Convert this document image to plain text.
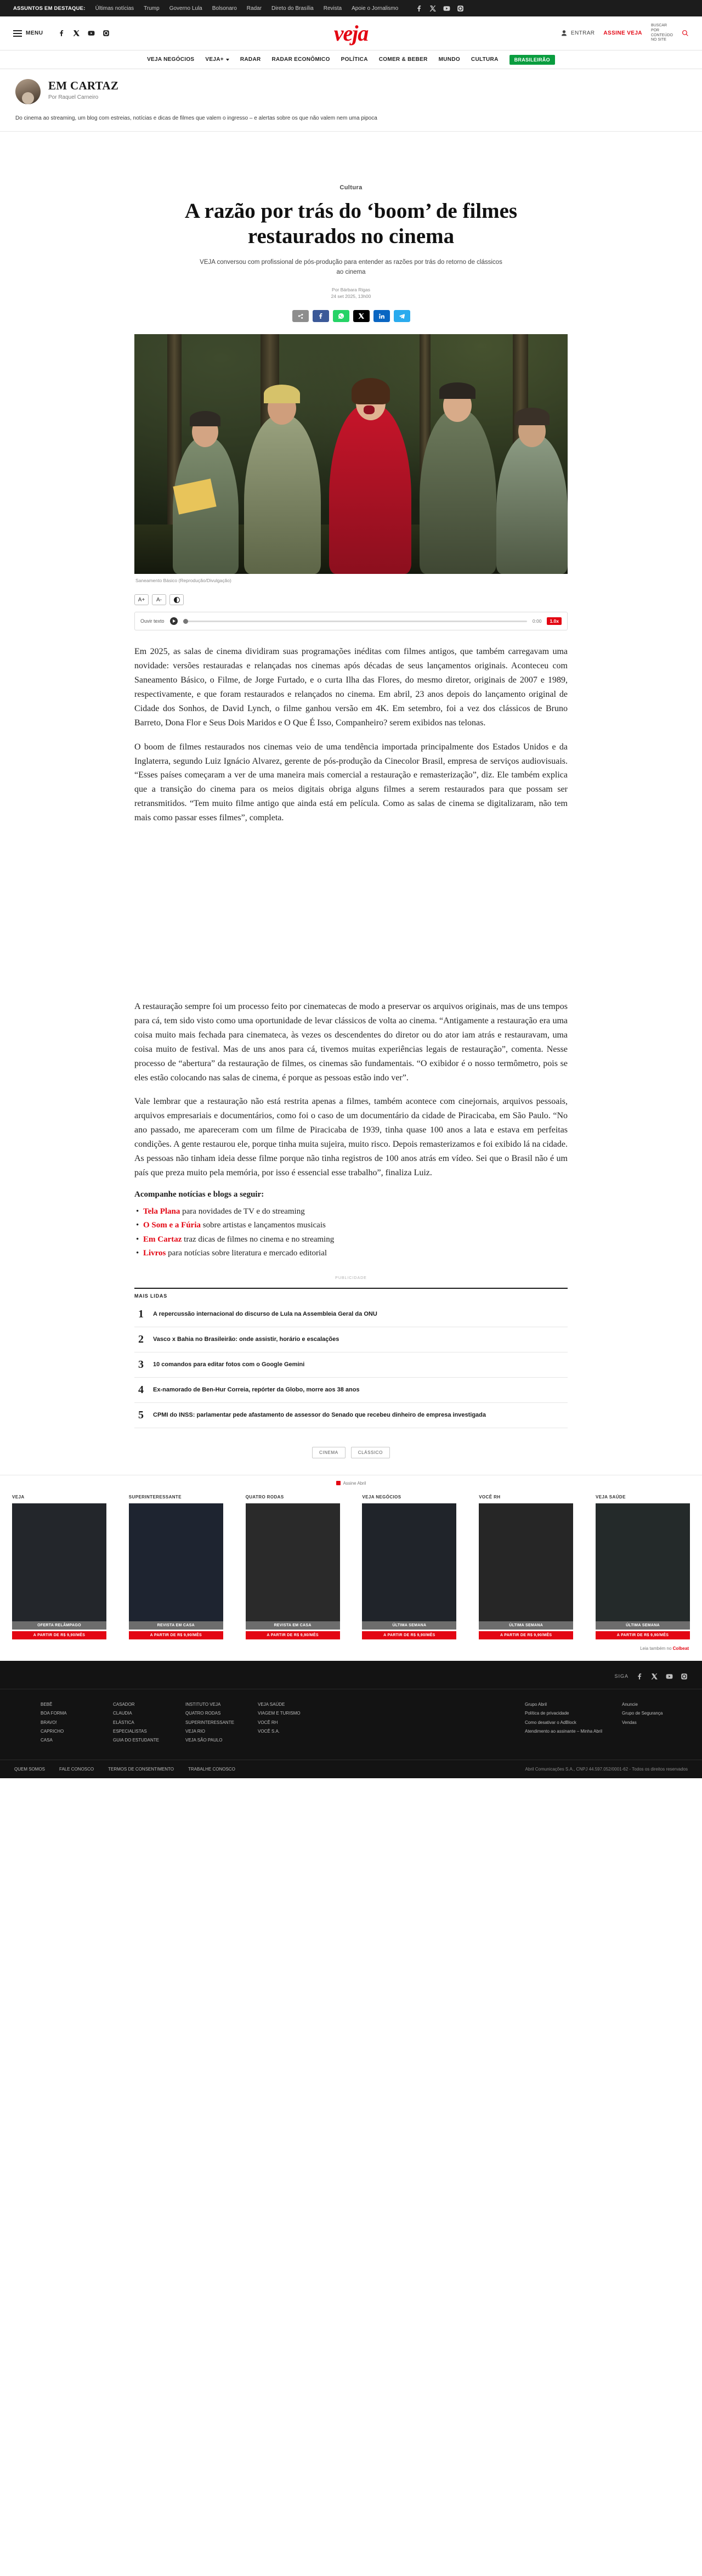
ASSUNTOS EM DESTAQUE: Últimas notícias Trump Governo Lula Bolsonaro Radar Direto do Brasília Revista Apoie o Jornalismo
MENU	veja	ENTRAR ASSINE VEJA
BUSCAR
POR
CONTEÚDO
NO SITE
VEJA NEGÓCIOS VEJA+	RADAR RADAR ECONÔMICO POLÍTICA COMER & BEBER MUNDO CULTURA	BRASILEIRÃO
EM CARTAZ
Por Raquel Carneiro
Do cinema ao streaming, um blog com estreias, notícias e dicas de filmes que valem o ingresso – e alertas sobre os que não valem nem uma pipoca
Cultura
A razão por trás do ‘boom’ de filmes restaurados no cinema
VEJA conversou com profissional de pós-produção para entender as razões por trás do retorno de clássicos ao cinema
Por Bárbara Rigas
24 set 2025, 13h00
Saneamento Básico (Reprodução/Divulgação)
A+	A-
Ouvir texto	0:00	1.0x

Em 2025, as salas de cinema dividiram suas programações inéditas com filmes antigos, que também carregavam uma novidade: versões restauradas e relançadas nos cinemas após décadas de seus lançamentos originais. Aconteceu com Saneamento Básico, o Filme, de Jorge Furtado, e o curta Ilha das Flores, do mesmo diretor, originais de 2007 e 1989, respectivamente, e que foram restaurados e relançados no cinema. Em abril, 23 anos depois do lançamento original de Cidade dos Sonhos, de David Lynch, o filme ganhou versão em 4K. Em setembro, foi a vez dos clássicos de Bruno Barreto, Dona Flor e Seus Dois Maridos e O Que É Isso, Companheiro? serem exibidos nas telonas.

O boom de filmes restaurados nos cinemas veio de uma tendência importada principalmente dos Estados Unidos e da Inglaterra, segundo Luiz Ignácio Alvarez, gerente de pós-produção da Cinecolor Brasil, empresa de serviços audiovisuais. “Esses países começaram a ver de uma maneira mais comercial a restauração e remasterização”, diz. Ele também explica que a transição do cinema para os meios digitais obriga alguns filmes a serem restaurados para que possam ser retransmitidos. “Tem muito filme antigo que ainda está em película. Como as salas de cinema se digitalizaram, não tem mais como passar esses filmes”, completa.

A restauração sempre foi um processo feito por cinematecas de modo a preservar os arquivos originais, mas de uns tempos para cá, tem sido visto como uma oportunidade de levar clássicos de volta ao cinema. “Antigamente a restauração era uma coisa muito mais fechada para cinemateca, às vezes os descendentes do diretor ou do ator iam atrás e restauravam, uma coisa muito de festival. Mas de uns anos para cá, tivemos muitas experiências legais de restauração”, comenta. Nesse processo de “abertura” da restauração de filmes, os cinemas são fundamentais. “O exibidor é o nosso termômetro, pois se eles estão colocando nas salas de cinema, é porque as pessoas estão indo ver”.

Vale lembrar que a restauração não está restrita apenas a filmes, também acontece com cinejornais, arquivos pessoais, arquivos empresariais e documentários, como foi o caso de um documentário da cidade de Piracicaba, em São Paulo. “No ano passado, me apareceram com um filme de Piracicaba de 1939, tinha quase 100 anos a lata e estava em perfeitas condições. A gente restaurou ele, porque tinha muita sujeira, muito risco. Depois remasterizamos e foi exibido lá na cidade. As pessoas não tinham ideia desse filme porque não tinha registros de 100 anos atrás em vídeo. Sei que o Brasil não é um país que preza muito pela memória, por isso é essencial esse trabalho”, finaliza Luiz.

Acompanhe notícias e blogs a seguir:
• Tela Plana para novidades de TV e do streaming
• O Som e a Fúria sobre artistas e lançamentos musicais
• Em Cartaz traz dicas de filmes no cinema e no streaming
• Livros para notícias sobre literatura e mercado editorial
PUBLICIDADE
MAIS LIDAS
1 A repercussão internacional do discurso de Lula na Assembleia Geral da ONU
2 Vasco x Bahia no Brasileirão: onde assistir, horário e escalações
3 10 comandos para editar fotos com o Google Gemini
4 Ex-namorado de Ben-Hur Correia, repórter da Globo, morre aos 38 anos
5 CPMI do INSS: parlamentar pede afastamento de assessor do Senado que recebeu dinheiro de empresa investigada
CINEMA	CLÁSSICO
Assine Abril
VEJA
OFERTA RELÂMPAGO
A PARTIR DE R$ 9,90/MÊS
SUPERINTERESSANTE
REVISTA EM CASA
A PARTIR DE R$ 9,90/MÊS
QUATRO RODAS
REVISTA EM CASA
A PARTIR DE R$ 9,90/MÊS
VEJA NEGÓCIOS
ÚLTIMA SEMANA
A PARTIR DE R$ 9,90/MÊS
VOCÊ RH
ÚLTIMA SEMANA
A PARTIR DE R$ 9,90/MÊS
VEJA SAÚDE
ÚLTIMA SEMANA
A PARTIR DE R$ 9,90/MÊS
Leia também no Colbeat
SIGA
BEBÊ
BOA FORMA
BRAVO!
CAPRICHO
CASA
CASADOR
CLAUDIA
ELÁSTICA
ESPECIALISTAS
GUIA DO ESTUDANTE
INSTITUTO VEJA
QUATRO RODAS
SUPERINTERESSANTE
VEJA RIO
VEJA SÃO PAULO
VEJA SAÚDE
VIAGEM E TURISMO
VOCÊ RH
VOCÊ S.A.
Grupo Abril
Política de privacidade
Como desativar o AdBlock
Atendimento ao assinante – Minha Abril
Anuncie
Grupo de Segurança
Vendas
QUEM SOMOS	FALE CONOSCO	TERMOS DE CONSENTIMENTO	TRABALHE CONOSCO	Abril Comunicações S.A., CNPJ 44.597.052/0001-62 - Todos os direitos reservados
